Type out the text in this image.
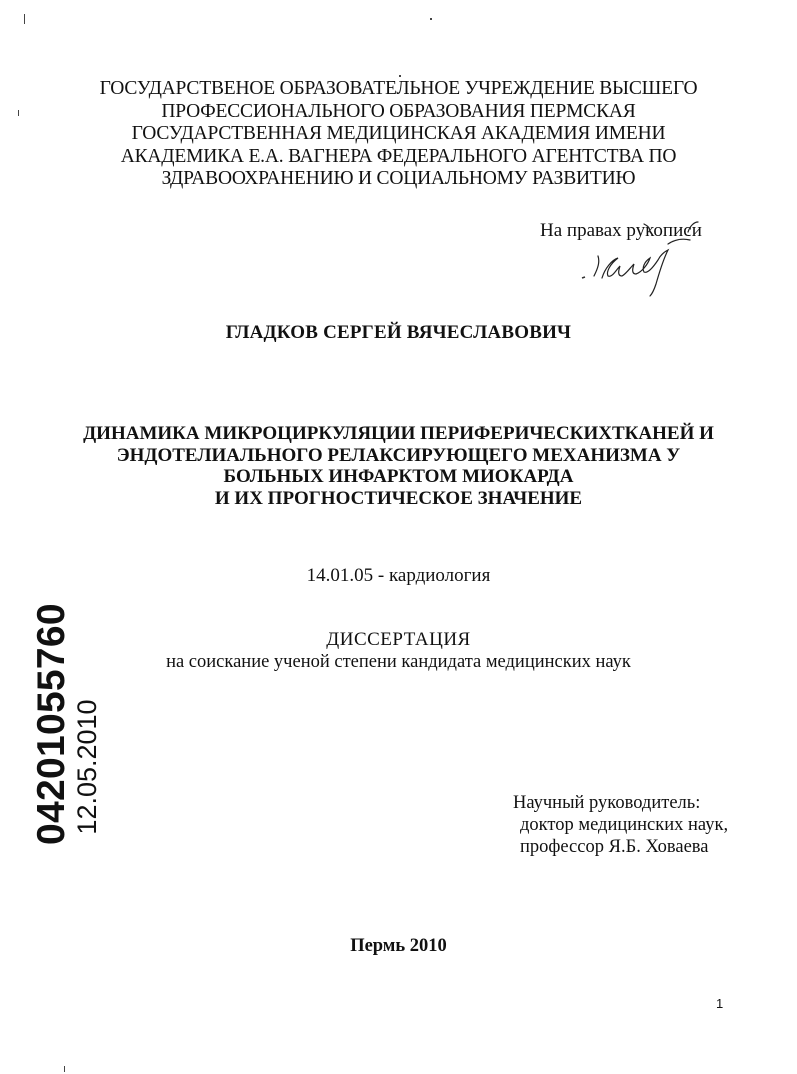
ГОСУДАРСТВЕНОЕ ОБРАЗОВАТЕЛЬНОЕ УЧРЕЖДЕНИЕ ВЫСШЕГО
ПРОФЕССИОНАЛЬНОГО ОБРАЗОВАНИЯ ПЕРМСКАЯ
ГОСУДАРСТВЕННАЯ МЕДИЦИНСКАЯ АКАДЕМИЯ ИМЕНИ
АКАДЕМИКА Е.А. ВАГНЕРА ФЕДЕРАЛЬНОГО АГЕНТСТВА ПО
ЗДРАВООХРАНЕНИЮ И СОЦИАЛЬНОМУ РАЗВИТИЮ
На правах рукописи
ГЛАДКОВ СЕРГЕЙ ВЯЧЕСЛАВОВИЧ
ДИНАМИКА МИКРОЦИРКУЛЯЦИИ ПЕРИФЕРИЧЕСКИХТКАНЕЙ И
ЭНДОТЕЛИАЛЬНОГО РЕЛАКСИРУЮЩЕГО МЕХАНИЗМА У
БОЛЬНЫХ ИНФАРКТОМ МИОКАРДА
И ИХ ПРОГНОСТИЧЕСКОЕ ЗНАЧЕНИЕ
14.01.05 - кардиология
ДИССЕРТАЦИЯ
на соискание ученой степени кандидата медицинских наук
04201055760 12.05.2010	Научный руководитель:
доктор медицинских наук,
профессор Я.Б. Ховаева
Пермь 2010
1
